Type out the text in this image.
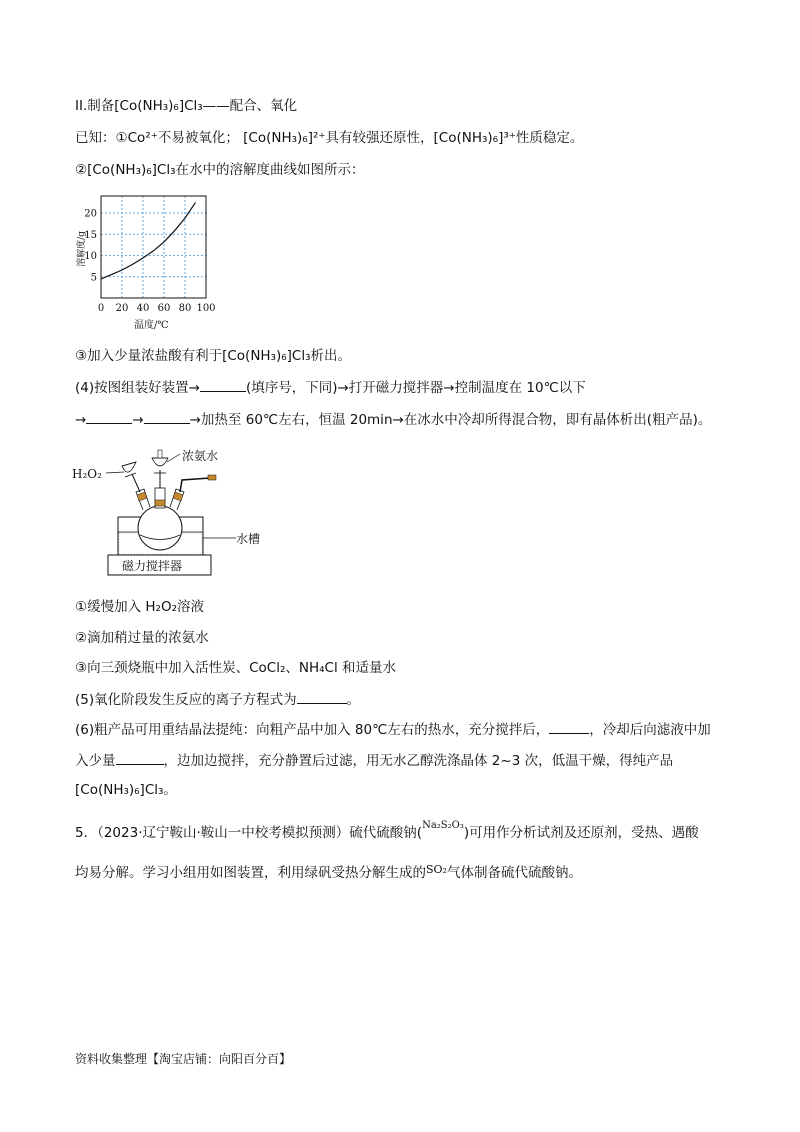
II.制备[Co(NH₃)₆]Cl₃——配合、氧化
已知：①Co²⁺不易被氧化； [Co(NH₃)₆]²⁺具有较强还原性，[Co(NH₃)₆]³⁺性质稳定。
②[Co(NH₃)₆]Cl₃在水中的溶解度曲线如图所示：
0 20 40 60 80 100
5
10
15
20
温度/℃
溶解度/g
③加入少量浓盐酸有利于[Co(NH₃)₆]Cl₃析出。
(4)按图组装好装置→	(填序号，下同)→打开磁力搅拌器→控制温度在 10℃以下
→	→	→加热至 60℃左右，恒温 20min→在冰水中冷却所得混合物，即有晶体析出(粗产品)。
磁力搅拌器
水槽
浓氨水
H₂O₂
①缓慢加入 H₂O₂溶液
②滴加稍过量的浓氨水
③向三颈烧瓶中加入活性炭、CoCl₂、NH₄Cl 和适量水
(5)氧化阶段发生反应的离子方程式为	。
(6)粗产品可用重结晶法提纯：向粗产品中加入 80℃左右的热水，充分搅拌后，	，冷却后向滤液中加
入少量	，边加边搅拌，充分静置后过滤，用无水乙醇洗涤晶体 2~3 次，低温干燥，得纯产品
[Co(NH₃)₆]Cl₃。
5．（2023·辽宁鞍山·鞍山一中校考模拟预测）硫代硫酸钠($^{Na_2S_2O_3}$)可用作分析试剂及还原剂，受热、遇酸
均易分解。学习小组用如图装置，利用绿矾受热分解生成的$^{SO_2}$气体制备硫代硫酸钠。
资料收集整理【淘宝店铺：向阳百分百】
